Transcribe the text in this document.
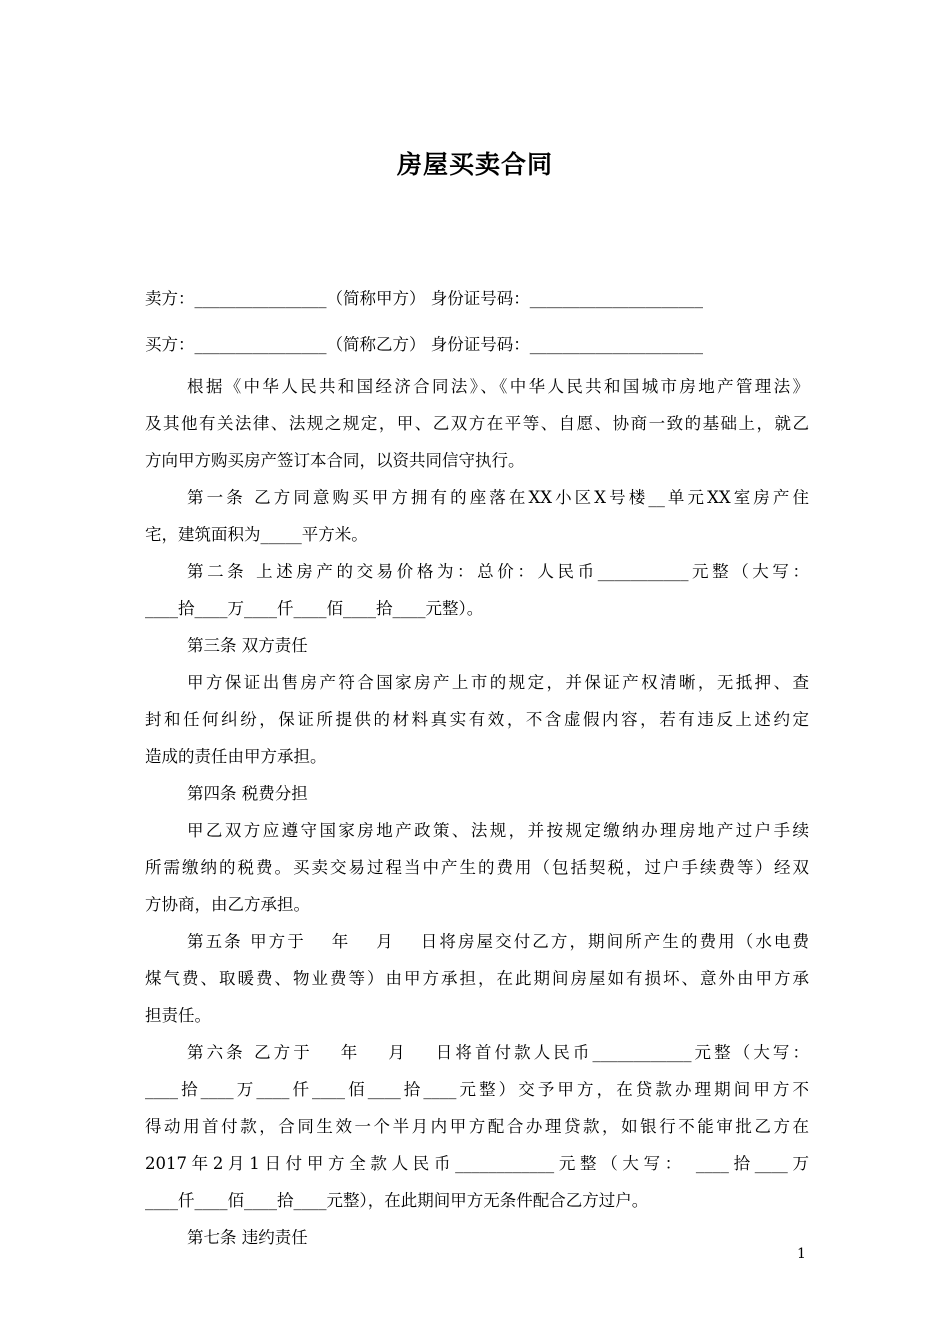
房屋买卖合同
卖方：________________（简称甲方） 身份证号码：_____________________
买方：________________（简称乙方） 身份证号码：_____________________
根据《中华人民共和国经济合同法》、《中华人民共和国城市房地产管理法》
及其他有关法律、法规之规定，甲、乙双方在平等、自愿、协商一致的基础上，就乙
方向甲方购买房产签订本合同，以资共同信守执行。
第一条 乙方同意购买甲方拥有的座落在XX小区X号楼__单元XX室房产住
宅，建筑面积为_____平方米。
第二条 上述房产的交易价格为：总价：人民币___________元整（大写：
____拾____万____仟____佰____拾____元整）。
第三条 双方责任
甲方保证出售房产符合国家房产上市的规定，并保证产权清晰，无抵押、查
封和任何纠纷，保证所提供的材料真实有效，不含虚假内容，若有违反上述约定
造成的责任由甲方承担。
第四条 税费分担
甲乙双方应遵守国家房地产政策、法规，并按规定缴纳办理房地产过户手续
所需缴纳的税费。买卖交易过程当中产生的费用（包括契税，过户手续费等）经双
方协商，由乙方承担。
第五条 甲方于 　年 　月 　日将房屋交付乙方，期间所产生的费用（水电费
煤气费、取暖费、物业费等）由甲方承担，在此期间房屋如有损坏、意外由甲方承
担责任。
第六条 乙方于 　年 　月 　日将首付款人民币____________元整（大写：
____拾____万____仟____佰____拾____元整）交予甲方，在贷款办理期间甲方不
得动用首付款，合同生效一个半月内甲方配合办理贷款，如银行不能审批乙方在
2017年2月1日付甲方全款人民币____________元整（大写： ____拾____万
____仟____佰____拾____元整），在此期间甲方无条件配合乙方过户。
第七条 违约责任
1
